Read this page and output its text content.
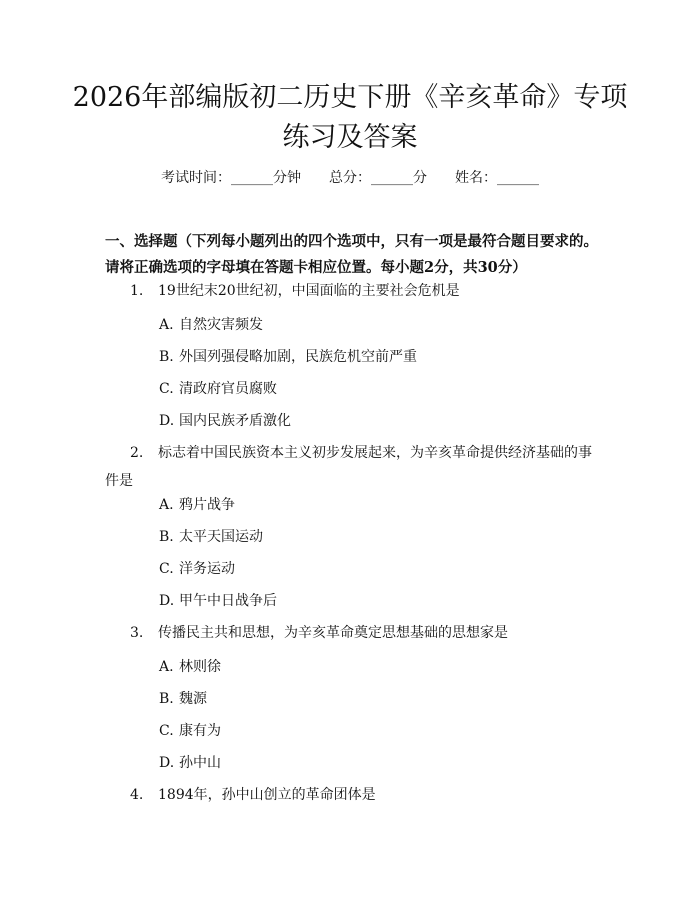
2026年部编版初二历史下册《辛亥革命》专项练习及答案
考试时间：______分钟 总分：______分 姓名：______

一、选择题（下列每小题列出的四个选项中，只有一项是最符合题目要求的。请将正确选项的字母填在答题卡相应位置。每小题2分，共30分）

1. 19世纪末20世纪初，中国面临的主要社会危机是
A. 自然灾害频发
B. 外国列强侵略加剧，民族危机空前严重
C. 清政府官员腐败
D. 国内民族矛盾激化
2. 标志着中国民族资本主义初步发展起来，为辛亥革命提供经济基础的事件是
A. 鸦片战争
B. 太平天国运动
C. 洋务运动
D. 甲午中日战争后
3. 传播民主共和思想，为辛亥革命奠定思想基础的思想家是
A. 林则徐
B. 魏源
C. 康有为
D. 孙中山
4. 1894年，孙中山创立的革命团体是
